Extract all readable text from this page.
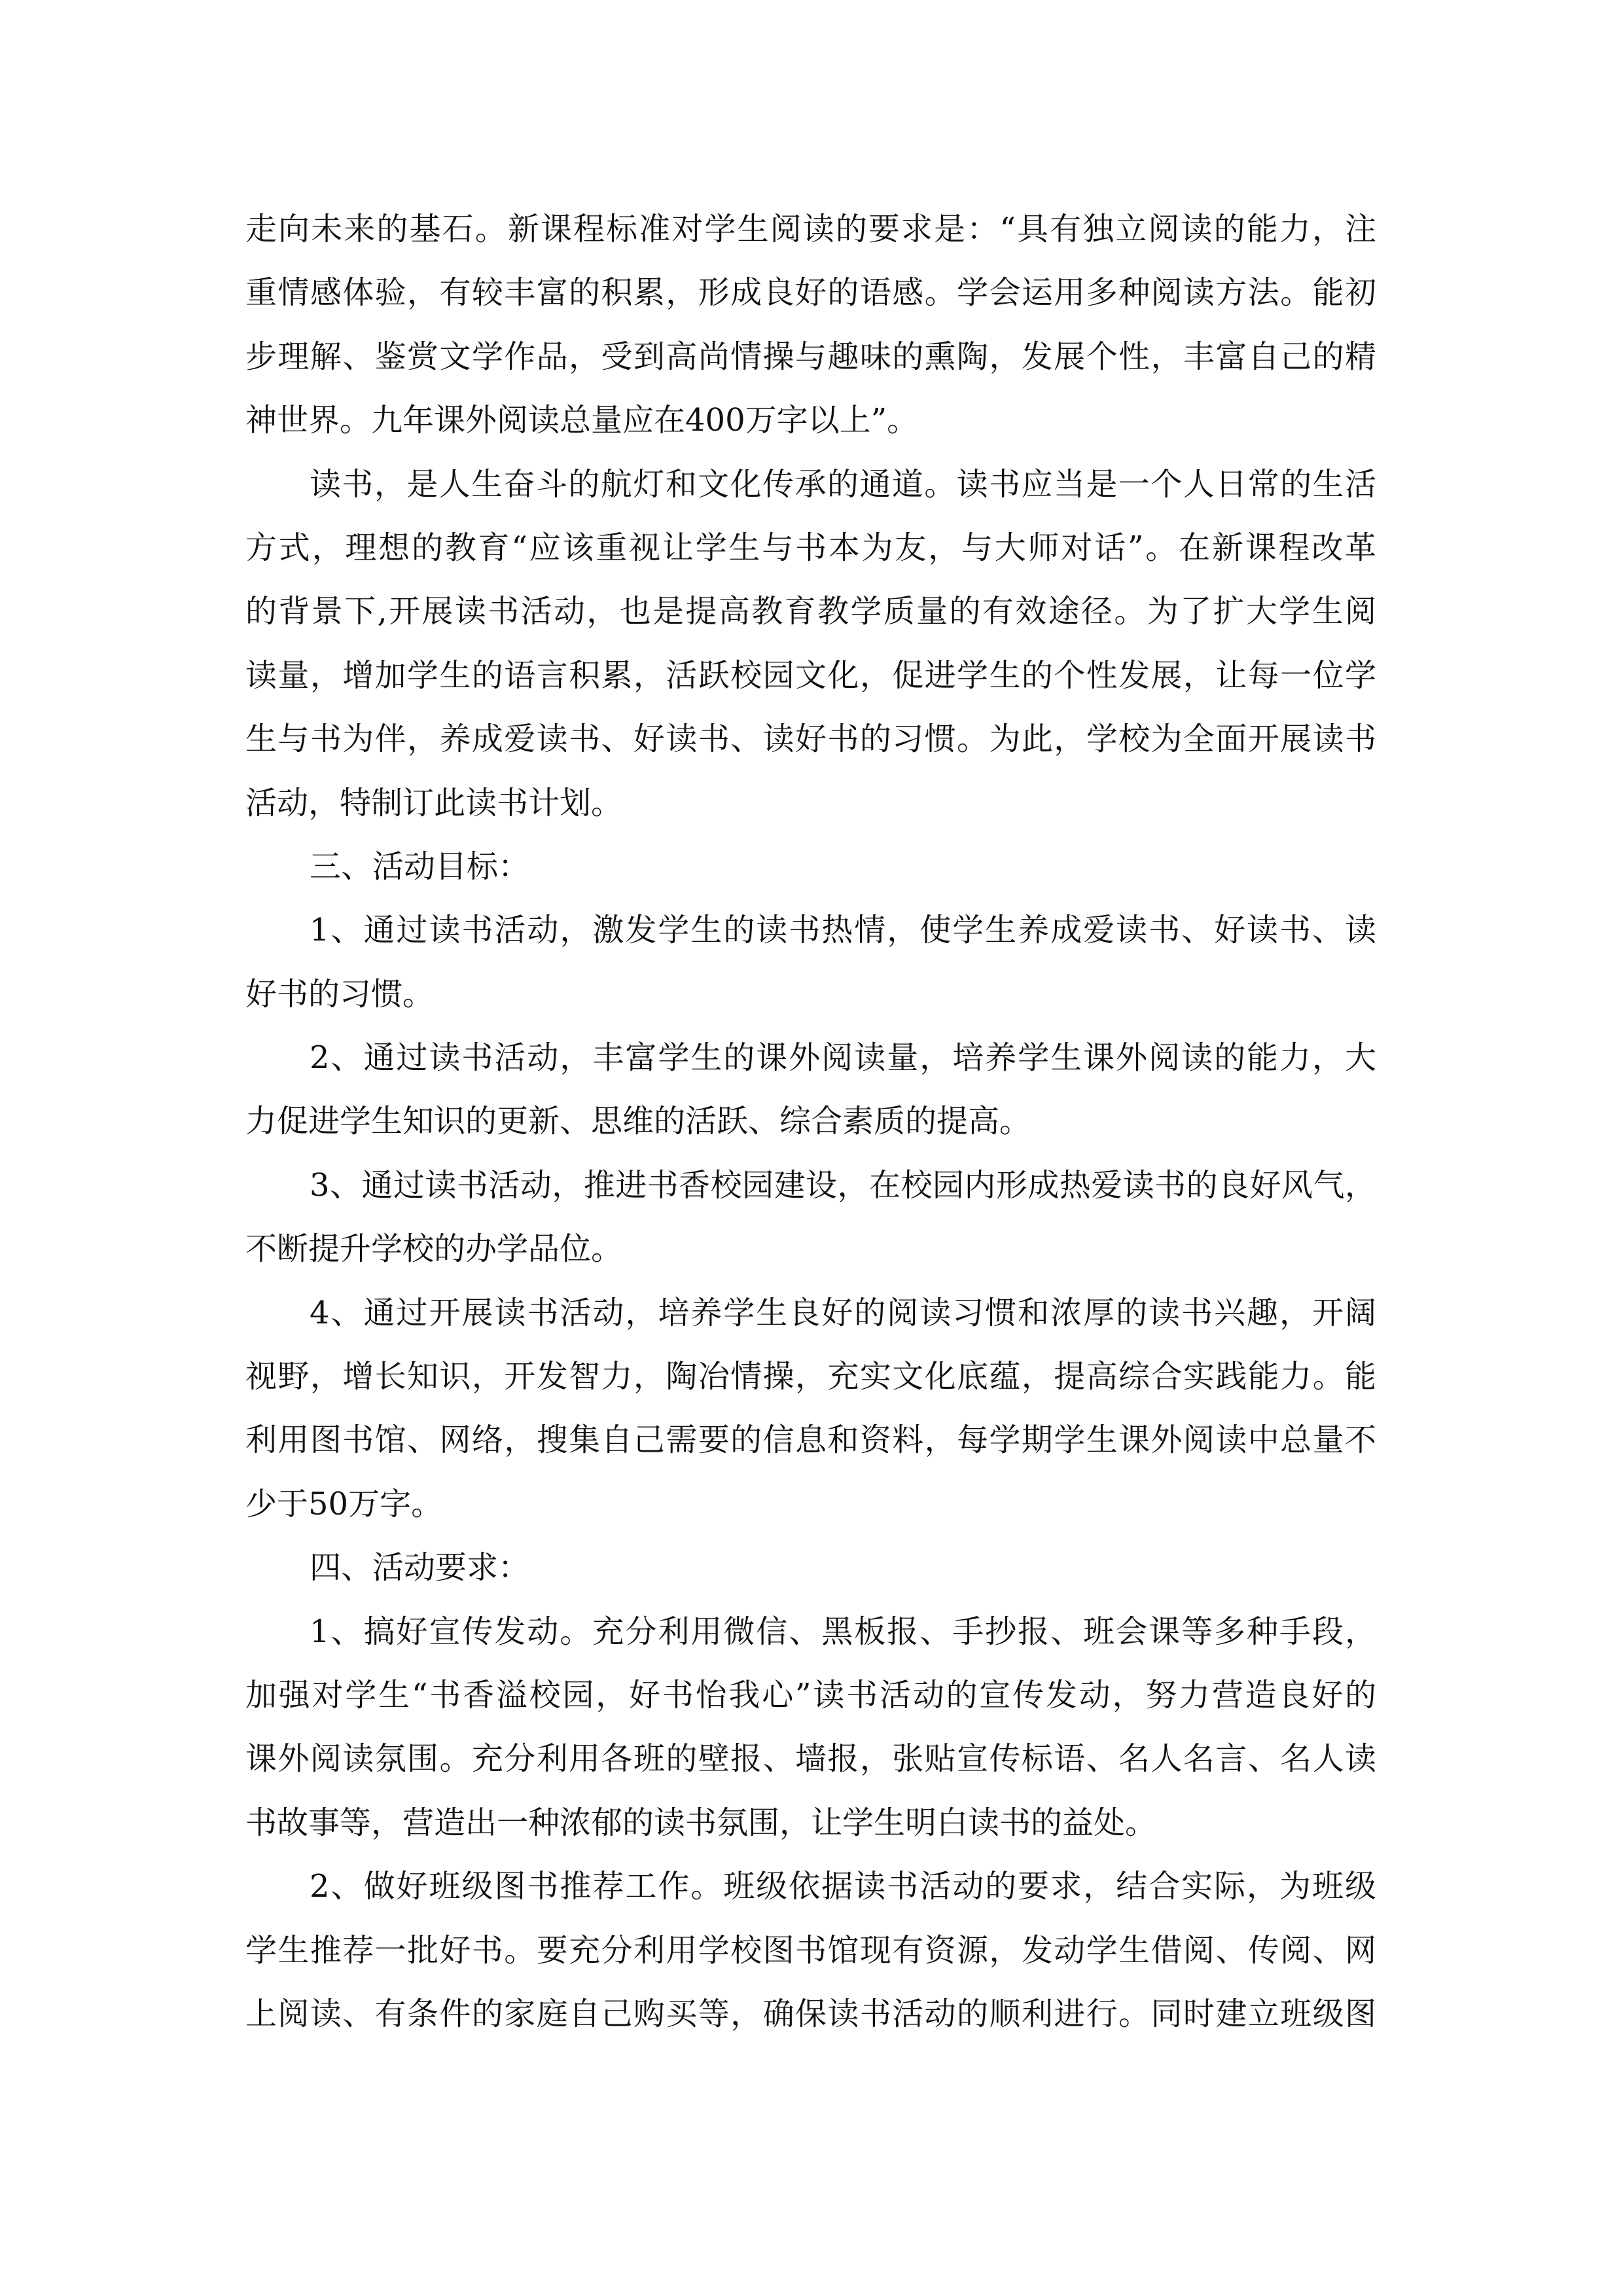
走向未来的基石。新课程标准对学生阅读的要求是：“具有独立阅读的能力，注
重情感体验，有较丰富的积累，形成良好的语感。学会运用多种阅读方法。能初
步理解、鉴赏文学作品，受到高尚情操与趣味的熏陶，发展个性，丰富自己的精
神世界。九年课外阅读总量应在400万字以上”。
读书，是人生奋斗的航灯和文化传承的通道。读书应当是一个人日常的生活
方式，理想的教育“应该重视让学生与书本为友，与大师对话”。在新课程改革
的背景下,开展读书活动，也是提高教育教学质量的有效途径。为了扩大学生阅
读量，增加学生的语言积累，活跃校园文化，促进学生的个性发展，让每一位学
生与书为伴，养成爱读书、好读书、读好书的习惯。为此，学校为全面开展读书
活动，特制订此读书计划。
三、活动目标：
1、通过读书活动，激发学生的读书热情，使学生养成爱读书、好读书、读
好书的习惯。
2、通过读书活动，丰富学生的课外阅读量，培养学生课外阅读的能力，大
力促进学生知识的更新、思维的活跃、综合素质的提高。
3、通过读书活动，推进书香校园建设，在校园内形成热爱读书的良好风气，
不断提升学校的办学品位。
4、通过开展读书活动，培养学生良好的阅读习惯和浓厚的读书兴趣，开阔
视野，增长知识，开发智力，陶冶情操，充实文化底蕴，提高综合实践能力。能
利用图书馆、网络，搜集自己需要的信息和资料，每学期学生课外阅读中总量不
少于50万字。
四、活动要求：
1、搞好宣传发动。充分利用微信、黑板报、手抄报、班会课等多种手段，
加强对学生“书香溢校园，好书怡我心”读书活动的宣传发动，努力营造良好的
课外阅读氛围。充分利用各班的壁报、墙报，张贴宣传标语、名人名言、名人读
书故事等，营造出一种浓郁的读书氛围，让学生明白读书的益处。
2、做好班级图书推荐工作。班级依据读书活动的要求，结合实际，为班级
学生推荐一批好书。要充分利用学校图书馆现有资源，发动学生借阅、传阅、网
上阅读、有条件的家庭自己购买等，确保读书活动的顺利进行。同时建立班级图
